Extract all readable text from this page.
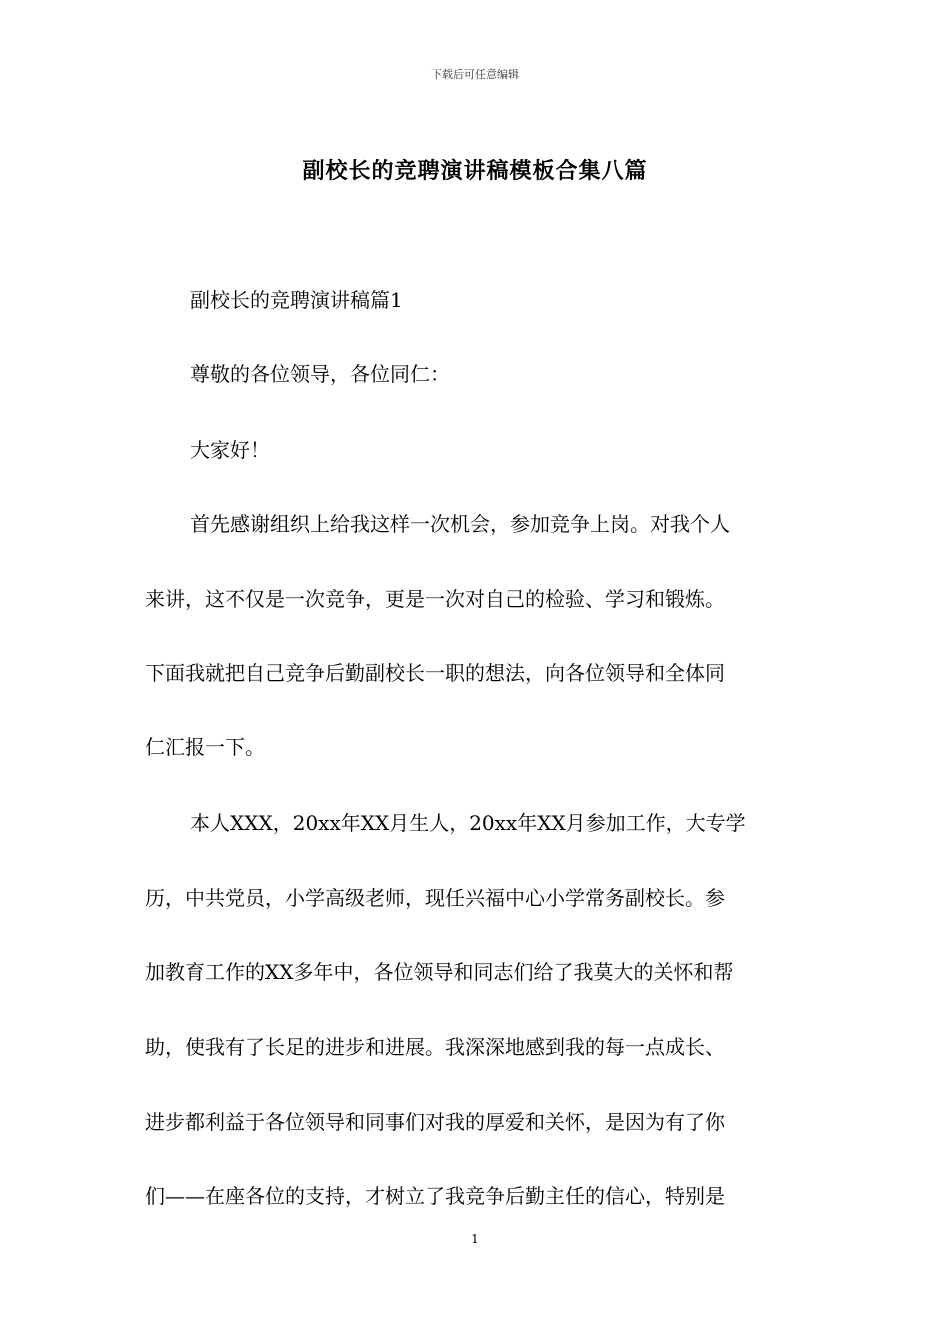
下载后可任意编辑
副校长的竞聘演讲稿模板合集八篇
副校长的竞聘演讲稿篇1
尊敬的各位领导，各位同仁：
大家好！
首先感谢组织上给我这样一次机会，参加竞争上岗。对我个人
来讲，这不仅是一次竞争，更是一次对自己的检验、学习和锻炼。
下面我就把自己竞争后勤副校长一职的想法，向各位领导和全体同
仁汇报一下。
本人XXX，20xx年XX月生人，20xx年XX月参加工作，大专学
历，中共党员，小学高级老师，现任兴福中心小学常务副校长。参
加教育工作的XX多年中，各位领导和同志们给了我莫大的关怀和帮
助，使我有了长足的进步和进展。我深深地感到我的每一点成长、
进步都利益于各位领导和同事们对我的厚爱和关怀，是因为有了你
们——在座各位的支持，才树立了我竞争后勤主任的信心，特别是
1
